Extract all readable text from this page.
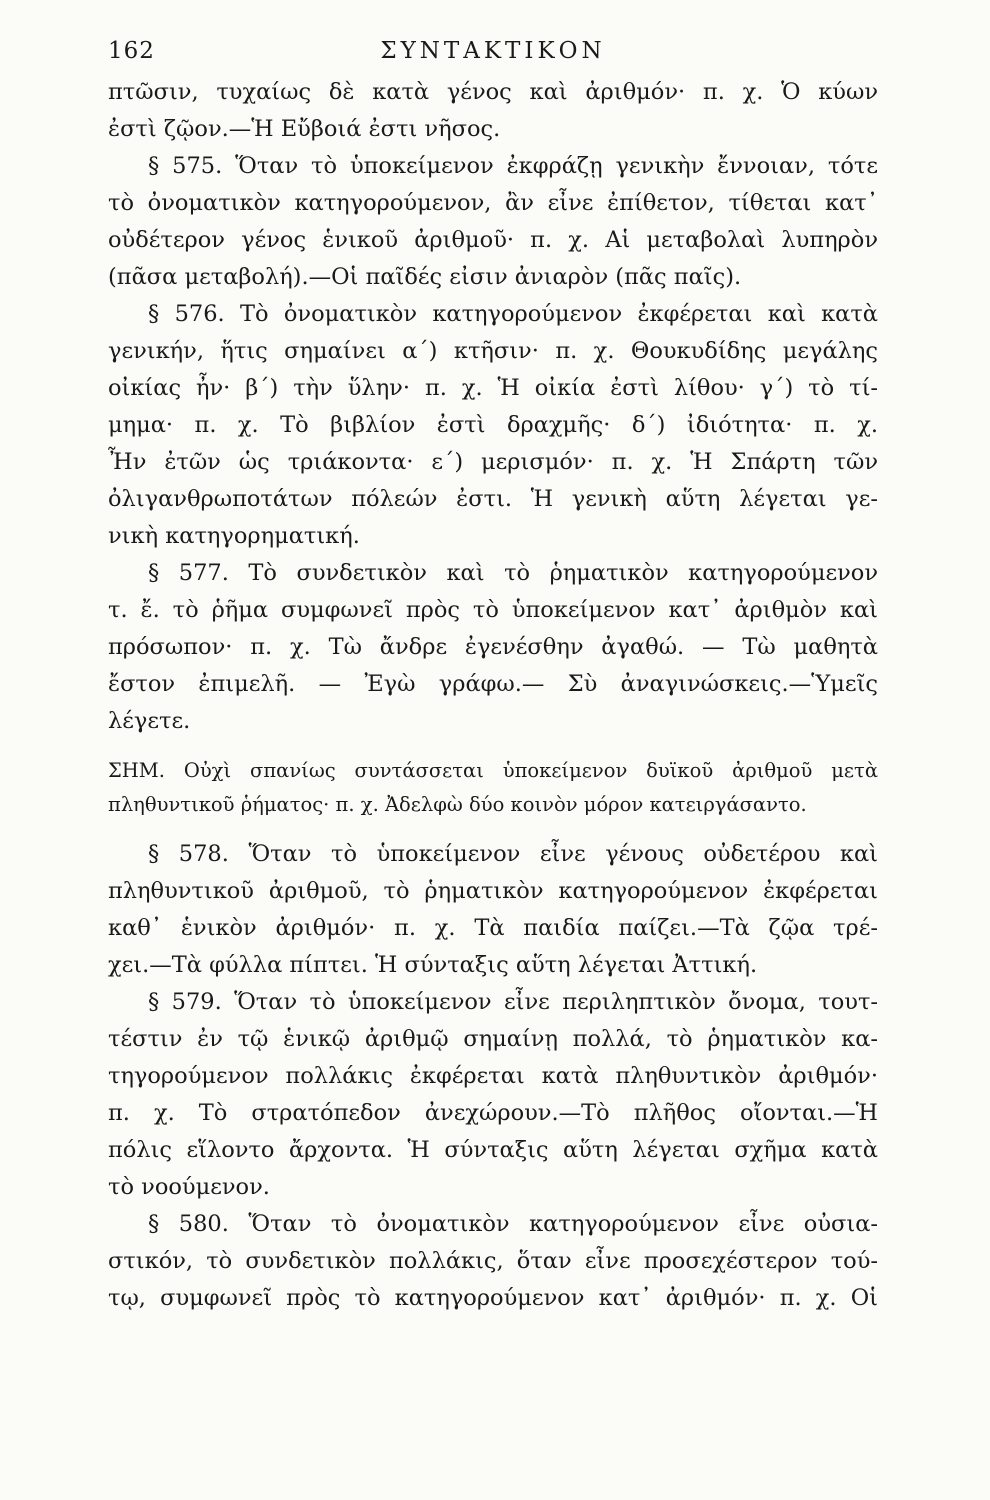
162	ΣΥΝΤΑΚΤΙΚΟΝ
πτῶσιν, τυχαίως δὲ κατὰ γένος καὶ ἀριθμόν· π. χ. Ὁ κύων
ἐστὶ ζῷον.—Ἡ Εὔβοιά ἐστι νῆσος.
§ 575. Ὅταν τὸ ὑποκείμενον ἐκφράζῃ γενικὴν ἔννοιαν, τότε
τὸ ὀνοματικὸν κατηγορούμενον, ἂν εἶνε ἐπίθετον, τίθεται κατ᾽
οὐδέτερον γένος ἑνικοῦ ἀριθμοῦ· π. χ. Αἱ μεταβολαὶ λυπηρὸν
(πᾶσα μεταβολή).—Οἱ παῖδές εἰσιν ἀνιαρὸν (πᾶς παῖς).
§ 576. Τὸ ὀνοματικὸν κατηγορούμενον ἐκφέρεται καὶ κατὰ
γενικήν, ἥτις σημαίνει α´) κτῆσιν· π. χ. Θουκυδίδης μεγάλης
οἰκίας ἦν· β´) τὴν ὕλην· π. χ. Ἡ οἰκία ἐστὶ λίθου· γ´) τὸ τί-
μημα· π. χ. Τὸ βιβλίον ἐστὶ δραχμῆς· δ´) ἰδιότητα· π. χ.
Ἦν ἐτῶν ὡς τριάκοντα· ε´) μερισμόν· π. χ. Ἡ Σπάρτη τῶν
ὀλιγανθρωποτάτων πόλεών ἐστι. Ἡ γενικὴ αὕτη λέγεται γε-
νικὴ κατηγορηματική.
§ 577. Τὸ συνδετικὸν καὶ τὸ ῥηματικὸν κατηγορούμενον
τ. ἔ. τὸ ῥῆμα συμφωνεῖ πρὸς τὸ ὑποκείμενον κατ᾽ ἀριθμὸν καὶ
πρόσωπον· π. χ. Τὼ ἄνδρε ἐγενέσθην ἀγαθώ. — Τὼ μαθητὰ
ἔστον ἐπιμελῆ. — Ἐγὼ γράφω.— Σὺ ἀναγινώσκεις.—Ὑμεῖς
λέγετε.
ΣΗΜ. Οὐχὶ σπανίως συντάσσεται ὑποκείμενον δυϊκοῦ ἀριθμοῦ μετὰ
πληθυντικοῦ ῥήματος· π. χ. Ἀδελφὼ δύο κοινὸν μόρον κατειργάσαντο.
§ 578. Ὅταν τὸ ὑποκείμενον εἶνε γένους οὐδετέρου καὶ
πληθυντικοῦ ἀριθμοῦ, τὸ ῥηματικὸν κατηγορούμενον ἐκφέρεται
καθ᾽ ἑνικὸν ἀριθμόν· π. χ. Τὰ παιδία παίζει.—Τὰ ζῷα τρέ-
χει.—Τὰ φύλλα πίπτει. Ἡ σύνταξις αὕτη λέγεται Ἀττική.
§ 579. Ὅταν τὸ ὑποκείμενον εἶνε περιληπτικὸν ὄνομα, τουτ-
τέστιν ἐν τῷ ἑνικῷ ἀριθμῷ σημαίνῃ πολλά, τὸ ῥηματικὸν κα-
τηγορούμενον πολλάκις ἐκφέρεται κατὰ πληθυντικὸν ἀριθμόν·
π. χ. Τὸ στρατόπεδον ἀνεχώρουν.—Τὸ πλῆθος οἴονται.—Ἡ
πόλις εἵλοντο ἄρχοντα. Ἡ σύνταξις αὕτη λέγεται σχῆμα κατὰ
τὸ νοούμενον.
§ 580. Ὅταν τὸ ὀνοματικὸν κατηγορούμενον εἶνε οὐσια-
στικόν, τὸ συνδετικὸν πολλάκις, ὅταν εἶνε προσεχέστερον τού-
τῳ, συμφωνεῖ πρὸς τὸ κατηγορούμενον κατ᾽ ἀριθμόν· π. χ. Οἱ
